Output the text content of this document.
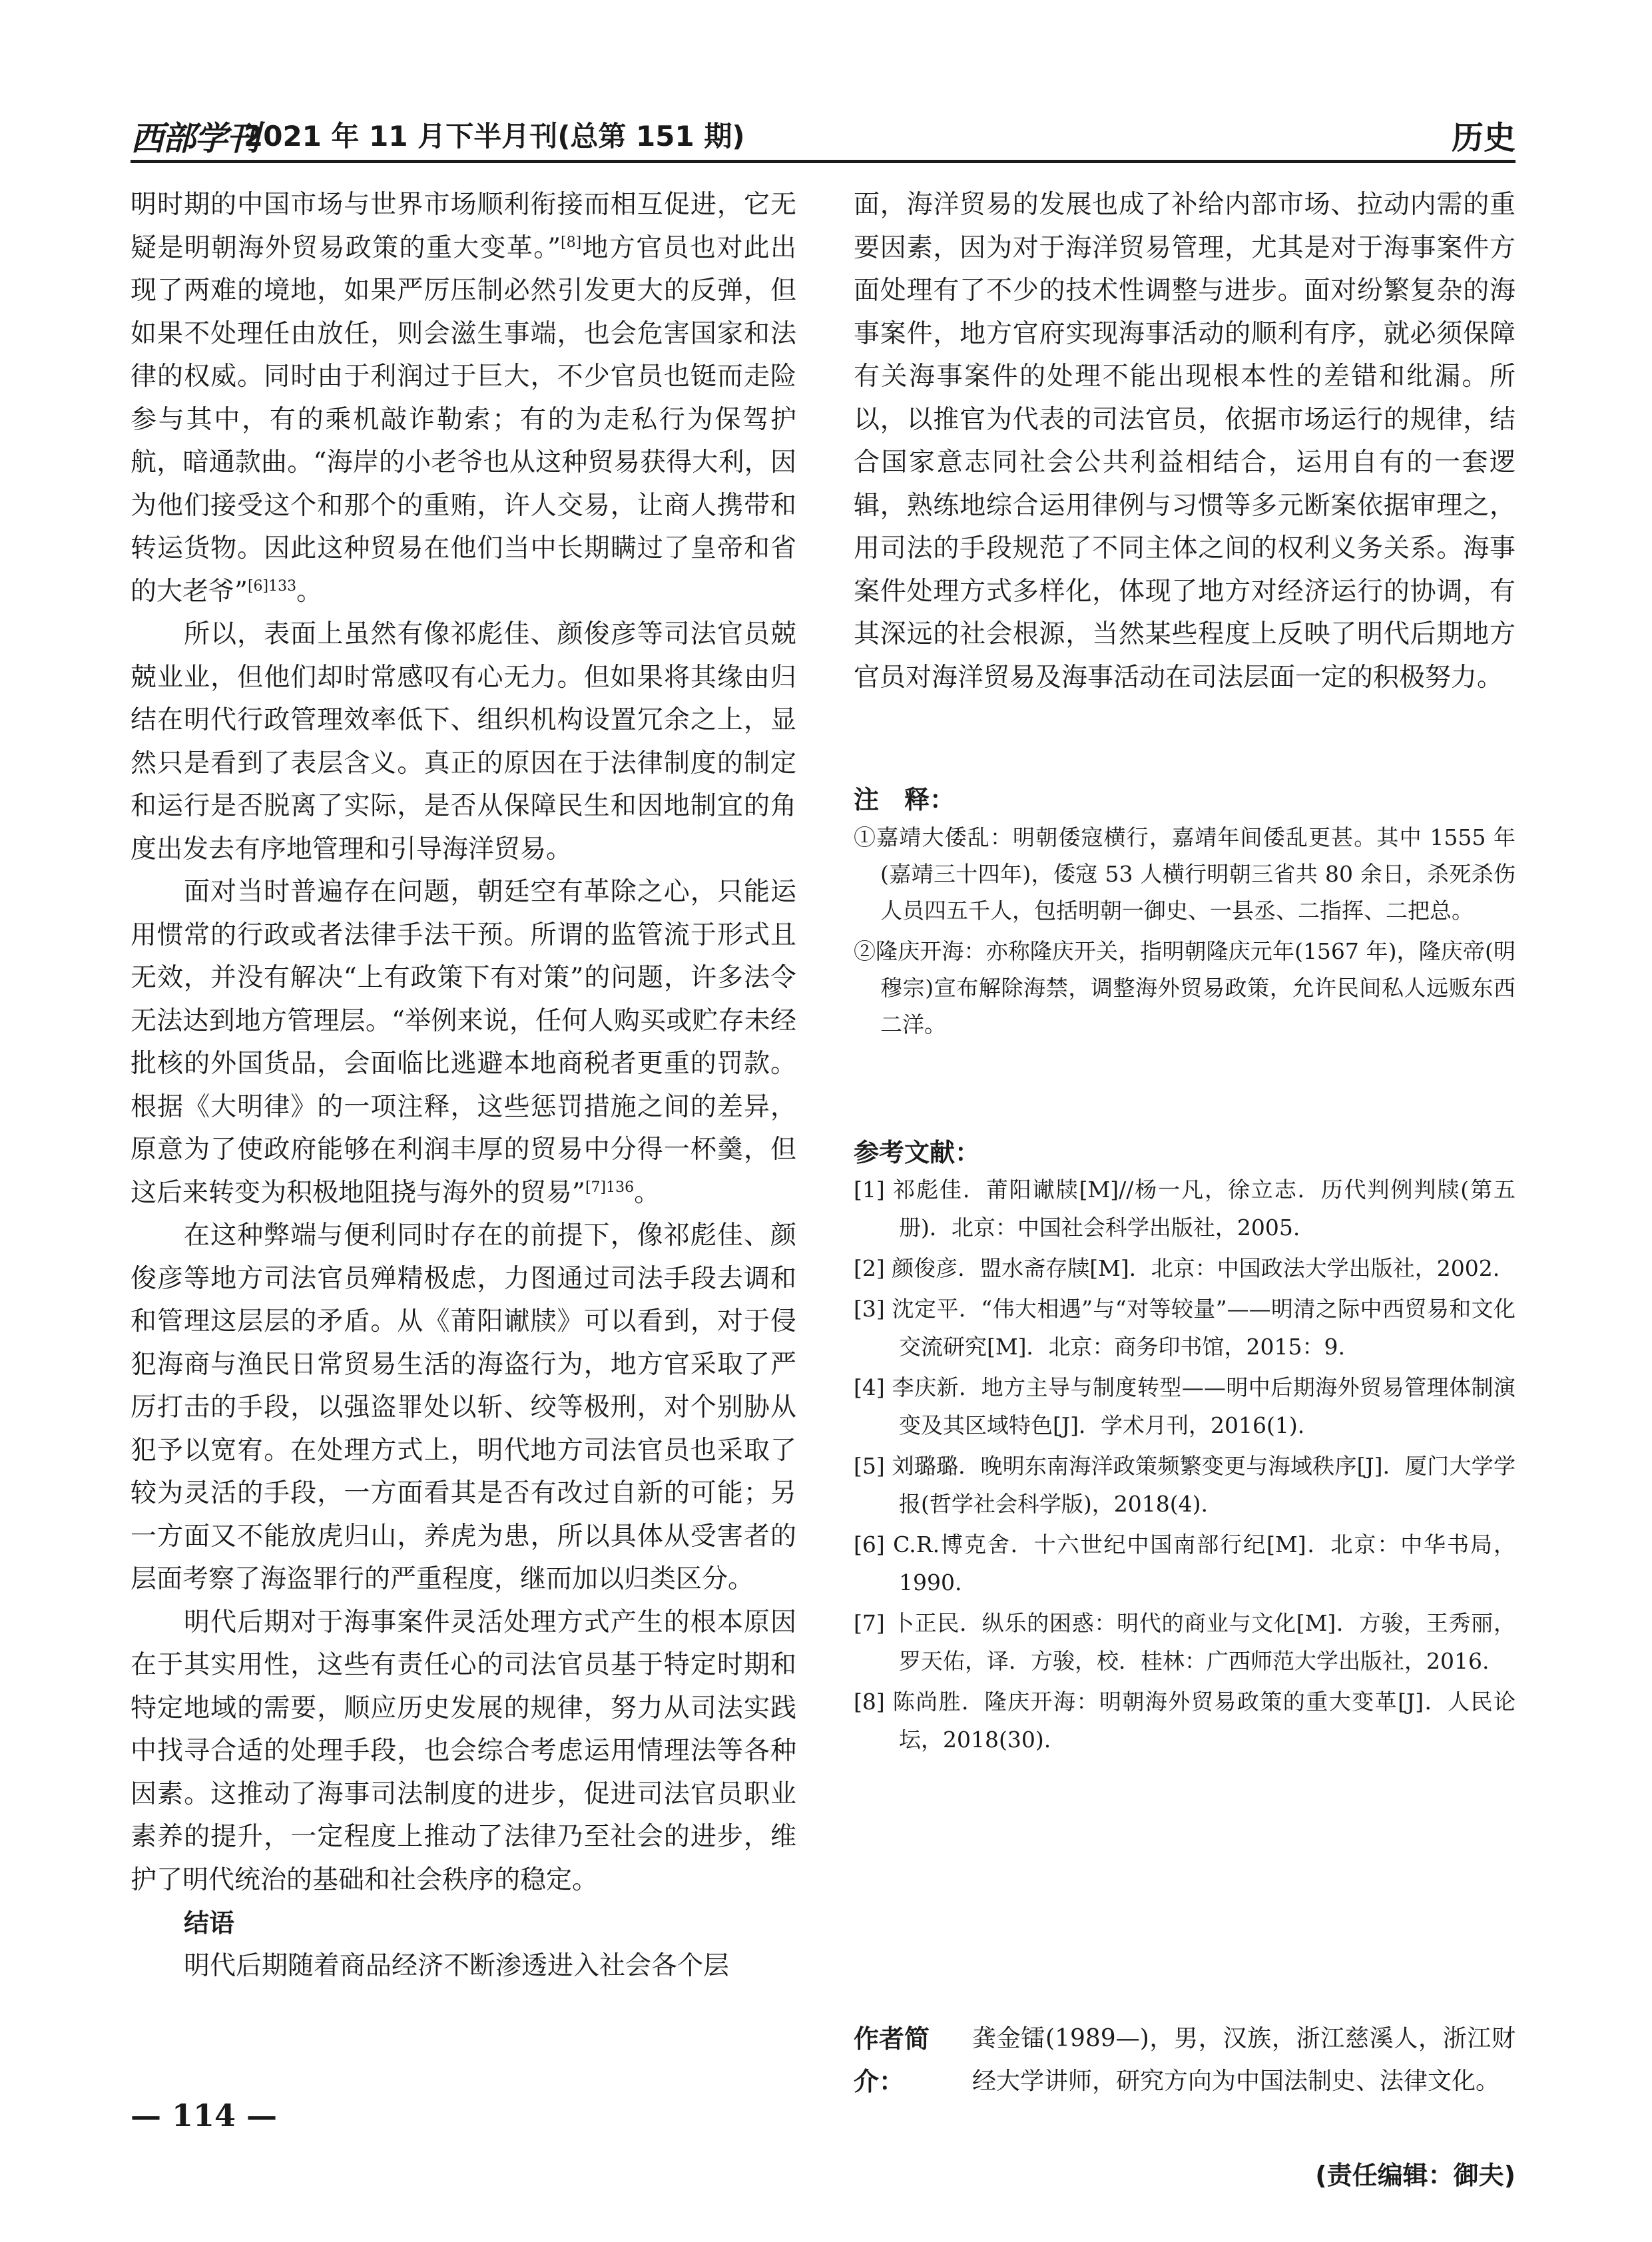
西部学刊
2021 年 11 月下半月刊(总第 151 期)	历史

明时期的中国市场与世界市场顺利衔接而相互促进，它无疑是明朝海外贸易政策的重大变革。”[8]地方官员也对此出现了两难的境地，如果严厉压制必然引发更大的反弹，但如果不处理任由放任，则会滋生事端，也会危害国家和法律的权威。同时由于利润过于巨大，不少官员也铤而走险参与其中，有的乘机敲诈勒索；有的为走私行为保驾护航，暗通款曲。“海岸的小老爷也从这种贸易获得大利，因为他们接受这个和那个的重贿，许人交易，让商人携带和转运货物。因此这种贸易在他们当中长期瞒过了皇帝和省的大老爷”$^{[6]133}$。

所以，表面上虽然有像祁彪佳、颜俊彦等司法官员兢兢业业，但他们却时常感叹有心无力。但如果将其缘由归结在明代行政管理效率低下、组织机构设置冗余之上，显然只是看到了表层含义。真正的原因在于法律制度的制定和运行是否脱离了实际，是否从保障民生和因地制宜的角度出发去有序地管理和引导海洋贸易。

面对当时普遍存在问题，朝廷空有革除之心，只能运用惯常的行政或者法律手法干预。所谓的监管流于形式且无效，并没有解决“上有政策下有对策”的问题，许多法令无法达到地方管理层。“举例来说，任何人购买或贮存未经批核的外国货品，会面临比逃避本地商税者更重的罚款。根据《大明律》的一项注释，这些惩罚措施之间的差异，原意为了使政府能够在利润丰厚的贸易中分得一杯羹，但这后来转变为积极地阻挠与海外的贸易”$^{[7]136}$。

在这种弊端与便利同时存在的前提下，像祁彪佳、颜俊彦等地方司法官员殚精极虑，力图通过司法手段去调和和管理这层层的矛盾。从《莆阳谳牍》可以看到，对于侵犯海商与渔民日常贸易生活的海盗行为，地方官采取了严厉打击的手段，以强盗罪处以斩、绞等极刑，对个别胁从犯予以宽宥。在处理方式上，明代地方司法官员也采取了较为灵活的手段，一方面看其是否有改过自新的可能；另一方面又不能放虎归山，养虎为患，所以具体从受害者的层面考察了海盗罪行的严重程度，继而加以归类区分。

明代后期对于海事案件灵活处理方式产生的根本原因在于其实用性，这些有责任心的司法官员基于特定时期和特定地域的需要，顺应历史发展的规律，努力从司法实践中找寻合适的处理手段，也会综合考虑运用情理法等各种因素。这推动了海事司法制度的进步，促进司法官员职业素养的提升，一定程度上推动了法律乃至社会的进步，维护了明代统治的基础和社会秩序的稳定。

结语

明代后期随着商品经济不断渗透进入社会各个层

面，海洋贸易的发展也成了补给内部市场、拉动内需的重要因素，因为对于海洋贸易管理，尤其是对于海事案件方面处理有了不少的技术性调整与进步。面对纷繁复杂的海事案件，地方官府实现海事活动的顺利有序，就必须保障有关海事案件的处理不能出现根本性的差错和纰漏。所以，以推官为代表的司法官员，依据市场运行的规律，结合国家意志同社会公共利益相结合，运用自有的一套逻辑，熟练地综合运用律例与习惯等多元断案依据审理之，用司法的手段规范了不同主体之间的权利义务关系。海事案件处理方式多样化，体现了地方对经济运行的协调，有其深远的社会根源，当然某些程度上反映了明代后期地方官员对海洋贸易及海事活动在司法层面一定的积极努力。

注　释：

①嘉靖大倭乱：明朝倭寇横行，嘉靖年间倭乱更甚。其中 1555 年(嘉靖三十四年)，倭寇 53 人横行明朝三省共 80 余日，杀死杀伤人员四五千人，包括明朝一御史、一县丞、二指挥、二把总。

②隆庆开海：亦称隆庆开关，指明朝隆庆元年(1567 年)，隆庆帝(明穆宗)宣布解除海禁，调整海外贸易政策，允许民间私人远贩东西二洋。

参考文献：

[1] 祁彪佳．莆阳谳牍[M]//杨一凡，徐立志．历代判例判牍(第五册)．北京：中国社会科学出版社，2005.

[2] 颜俊彦．盟水斋存牍[M]．北京：中国政法大学出版社，2002.

[3] 沈定平．“伟大相遇”与“对等较量”——明清之际中西贸易和文化交流研究[M]．北京：商务印书馆，2015：9.

[4] 李庆新．地方主导与制度转型——明中后期海外贸易管理体制演变及其区域特色[J]．学术月刊，2016(1).

[5] 刘璐璐．晚明东南海洋政策频繁变更与海域秩序[J]．厦门大学学报(哲学社会科学版)，2018(4).

[6] C.R.博克舍．十六世纪中国南部行纪[M]．北京：中华书局，1990.

[7] 卜正民．纵乐的困惑：明代的商业与文化[M]．方骏，王秀丽，罗天佑，译．方骏，校．桂林：广西师范大学出版社，2016.

[8] 陈尚胜．隆庆开海：明朝海外贸易政策的重大变革[J]．人民论坛，2018(30).

作者简介：
龚金镭(1989—)，男，汉族，浙江慈溪人，浙江财经大学讲师，研究方向为中国法制史、法律文化。
(责任编辑：御夫)
— 114 —
